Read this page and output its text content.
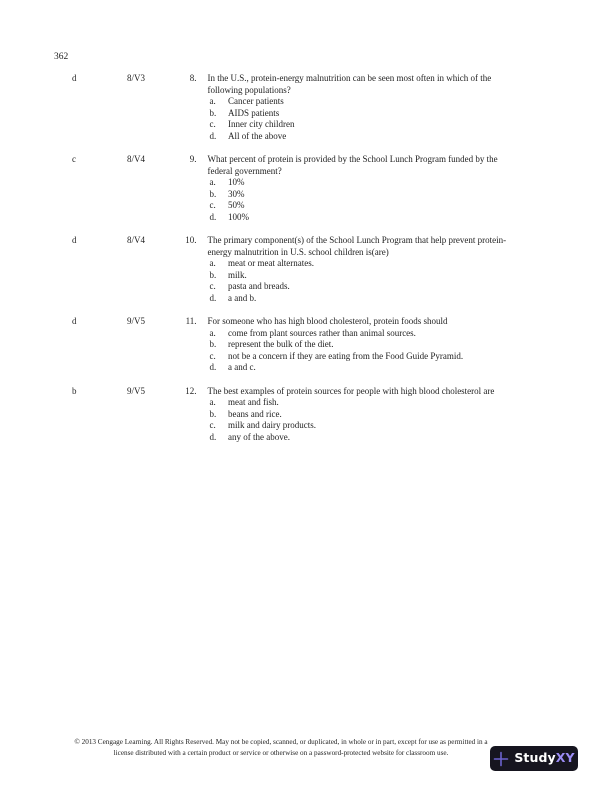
362
d	8/V3	8. In the U.S., protein-energy malnutrition can be seen most often in which of the following populations?
a.	Cancer patients
b.	AIDS patients
c.	Inner city children
d.	All of the above
c	8/V4	9. What percent of protein is provided by the School Lunch Program funded by the federal government?
a.	10%
b.	30%
c.	50%
d.	100%
d	8/V4	10. The primary component(s) of the School Lunch Program that help prevent protein-energy malnutrition in U.S. school children is(are)
a.	meat or meat alternates.
b.	milk.
c.	pasta and breads.
d.	a and b.
d	9/V5	11. For someone who has high blood cholesterol, protein foods should
a.	come from plant sources rather than animal sources.
b.	represent the bulk of the diet.
c.	not be a concern if they are eating from the Food Guide Pyramid.
d.	a and c.
b	9/V5	12. The best examples of protein sources for people with high blood cholesterol are
a.	meat and fish.
b.	beans and rice.
c.	milk and dairy products.
d.	any of the above.
© 2013 Cengage Learning. All Rights Reserved. May not be copied, scanned, or duplicated, in whole or in part, except for use as permitted in a
license distributed with a certain product or service or otherwise on a password-protected website for classroom use.	StudyXY
